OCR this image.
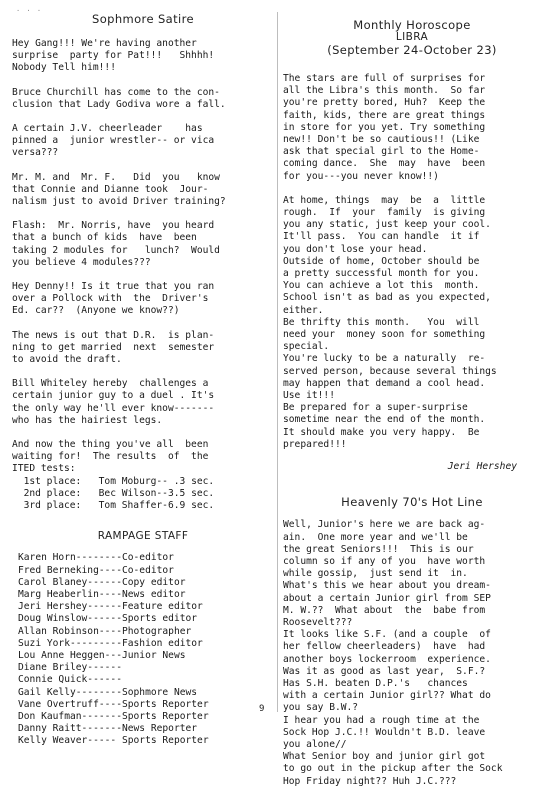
· · ·
Sophmore Satire

Hey Gang!!! We're having another
surprise  party for Pat!!!   Shhhh!
Nobody Tell him!!!

Bruce Churchill has come to the con-
clusion that Lady Godiva wore a fall.

A certain J.V. cheerleader    has
pinned a  junior wrestler-- or vica
versa???

Mr. M. and  Mr. F.   Did  you   know
that Connie and Dianne took  Jour-
nalism just to avoid Driver training?

Flash:  Mr. Norris, have  you heard
that a bunch of kids  have  been
taking 2 modules for   lunch?  Would
you believe 4 modules???

Hey Denny!! Is it true that you ran
over a Pollock with  the  Driver's
Ed. car??  (Anyone we know??)

The news is out that D.R.  is plan-
ning to get married  next  semester
to avoid the draft.

Bill Whiteley hereby  challenges a
certain junior guy to a duel . It's
the only way he'll ever know-------
who has the hairiest legs.

And now the thing you've all  been
waiting for!  The results  of  the
ITED tests:
1st place:   Tom Moburg-- .3 sec.
2nd place:   Bec Wilson--3.5 sec.
3rd place:   Tom Shaffer-6.9 sec.

RAMPAGE STAFF
Karen Horn--------Co-editor
Fred Berneking----Co-editor
Carol Blaney------Copy editor
Marg Heaberlin----News editor
Jeri Hershey------Feature editor
Doug Winslow------Sports editor
Allan Robinson----Photographer
Suzi York---------Fashion editor
Lou Anne Heggen---Junior News
Diane Briley------
Connie Quick------
Gail Kelly--------Sophmore News
Vane Overtruff----Sports Reporter
Don Kaufman-------Sports Reporter
Danny Raitt-------News Reporter
Kelly Weaver----- Sports Reporter
Monthly Horoscope
LIBRA
(September 24-October 23)

The stars are full of surprises for
all the Libra's this month.  So far
you're pretty bored, Huh?  Keep the
faith, kids, there are great things
in store for you yet. Try something
new!! Don't be so cautious!! (Like
ask that special girl to the Home-
coming dance.  She  may  have  been
for you---you never know!!)

At home, things  may  be  a  little
rough.  If  your  family  is giving
you any static, just keep your cool.
It'll pass.  You can handle  it if
you don't lose your head.
Outside of home, October should be
a pretty successful month for you.
You can achieve a lot this  month.
School isn't as bad as you expected,
either.
Be thrifty this month.   You  will
need your  money soon for something
special.
You're lucky to be a naturally  re-
served person, because several things
may happen that demand a cool head.
Use it!!!
Be prepared for a super-surprise
sometime near the end of the month.
It should make you very happy.  Be
prepared!!!

Jeri Hershey
Heavenly 70's Hot Line

Well, Junior's here we are back ag-
ain.  One more year and we'll be
the great Seniors!!!  This is our
column so if any of you  have worth
while gossip,  just send it  in.
What's this we hear about you dream-
about a certain Junior girl from SEP
M. W.??  What about  the  babe from
Roosevelt???
It looks like S.F. (and a couple  of
her fellow cheerleaders)  have  had
another boys lockerroom  experience.
Was it as good as last year,  S.F.?
Has S.H. beaten D.P.'s   chances
with a certain Junior girl?? What do
you say B.W.?
I hear you had a rough time at the
Sock Hop J.C.!! Wouldn't B.D. leave
you alone//
What Senior boy and junior girl got
to go out in the pickup after the Sock
Hop Friday night?? Huh J.C.???

9
